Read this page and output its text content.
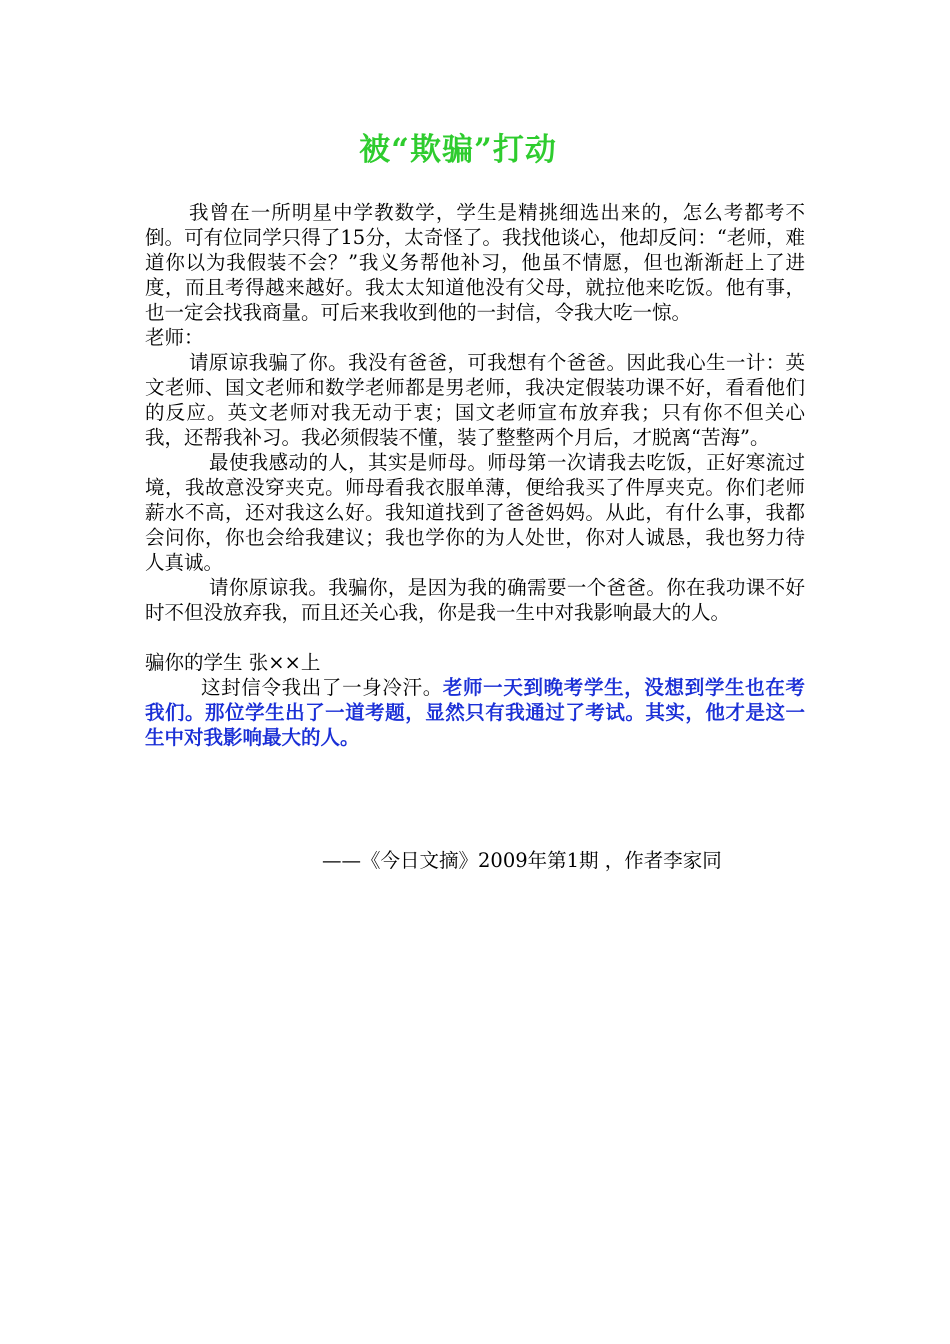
被“欺骗”打动

我曾在一所明星中学教数学，学生是精挑细选出来的，怎么考都考不倒。可有位同学只得了15分，太奇怪了。我找他谈心，他却反问：“老师，难道你以为我假装不会？”我义务帮他补习，他虽不情愿，但也渐渐赶上了进度，而且考得越来越好。我太太知道他没有父母，就拉他来吃饭。他有事，也一定会找我商量。可后来我收到他的一封信，令我大吃一惊。

老师：

请原谅我骗了你。我没有爸爸，可我想有个爸爸。因此我心生一计：英文老师、国文老师和数学老师都是男老师，我决定假装功课不好，看看他们的反应。英文老师对我无动于衷；国文老师宣布放弃我；只有你不但关心我，还帮我补习。我必须假装不懂，装了整整两个月后，才脱离“苦海”。

最使我感动的人，其实是师母。师母第一次请我去吃饭，正好寒流过境，我故意没穿夹克。师母看我衣服单薄，便给我买了件厚夹克。你们老师薪水不高，还对我这么好。我知道找到了爸爸妈妈。从此，有什么事，我都会问你，你也会给我建议；我也学你的为人处世，你对人诚恳，我也努力待人真诚。

请你原谅我。我骗你，是因为我的确需要一个爸爸。你在我功课不好时不但没放弃我，而且还关心我，你是我一生中对我影响最大的人。

骗你的学生 张××上

这封信令我出了一身冷汗。老师一天到晚考学生，没想到学生也在考我们。那位学生出了一道考题，显然只有我通过了考试。其实，他才是这一生中对我影响最大的人。

——《今日文摘》2009年第1期 ，作者李家同
